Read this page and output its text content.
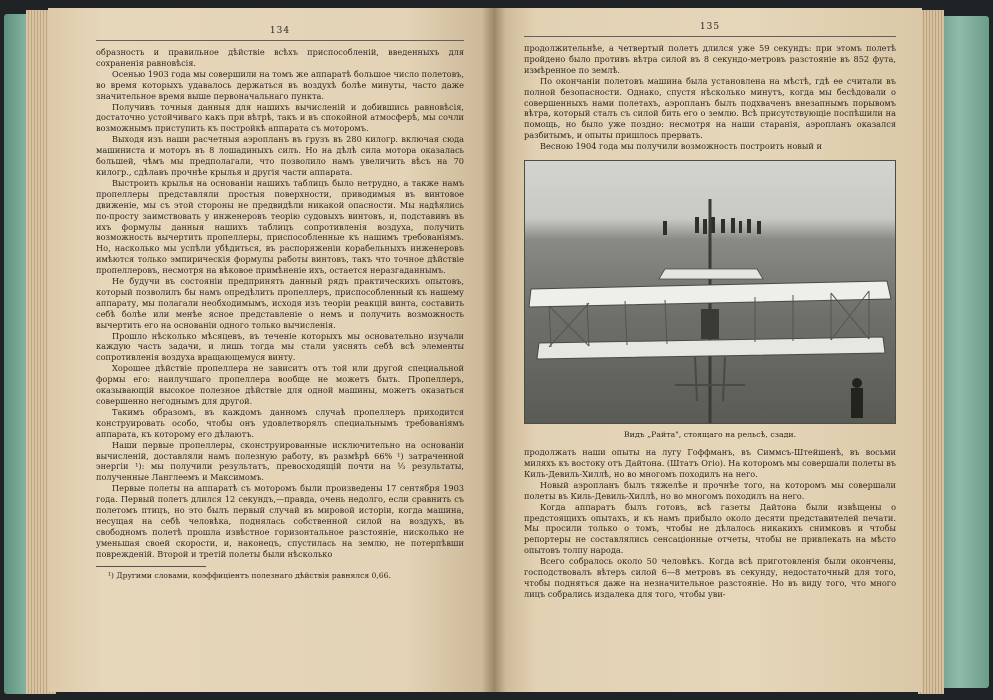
134

образность и правильное дѣйствіе всѣхъ приспособленій, введенныхъ для сохраненія равновѣсія.

Осенью 1903 года мы совершили на томъ же аппаратѣ большое число полетовъ, во время которыхъ удавалось держаться въ воздухѣ болѣе минуты, часто даже значительное время выше первоначальнаго пункта.

Получивъ точныя данныя для нашихъ вычисленій и добившись равновѣсія, достаточно устойчиваго какъ при вѣтрѣ, такъ и въ спокойной атмосферѣ, мы сочли возможнымъ приступить къ постройкѣ аппарата съ моторомъ.

Выходя изъ наши расчетныя аэропланъ въ грузъ въ 280 килогр. включая сюда машиниста и моторъ въ 8 лошадиныхъ силъ. Но на дѣлѣ сила мотора оказалась большей, чѣмъ мы предполагали, что позволило намъ увеличить вѣсъ на 70 килогр., сдѣлавъ прочнѣе крылья и другія части аппарата.

Выстроить крылья на основаніи нашихъ таблицъ было нетрудно, а также намъ пропеллеры представляли простыя поверхности, приводимыя въ винтовое движеніе, мы съ этой стороны не предвидѣли никакой опасности. Мы надѣялись по-просту заимствовать у инженеровъ теорію судовыхъ винтовъ, и, подставивъ въ ихъ формулы данныя нашихъ таблицъ сопротивленія воздуха, получить возможность вычертить пропеллеры, приспособленные къ нашимъ требованіямъ. Но, насколько мы успѣли убѣдиться, въ распоряженіи корабельныхъ инженеровъ имѣются только эмпирическія формулы работы винтовъ, такъ что точное дѣйствіе пропеллеровъ, несмотря на вѣковое примѣненіе ихъ, остается неразгаданнымъ.

Не будучи въ состояніи предпринять данный рядъ практическихъ опытовъ, который позволилъ бы намъ опредѣлить пропеллеръ, приспособленный къ нашему аппарату, мы полагали необходимымъ, исходя изъ теоріи реакцій винта, составить себѣ болѣе или менѣе ясное представленіе о немъ и получить возможность вычертить его на основаніи одного только вычисленія.

Прошло нѣсколько мѣсяцевъ, въ теченіе которыхъ мы основательно изучали каждую часть задачи, и лишь тогда мы стали уяснять себѣ всѣ элементы сопротивленія воздуха вращающемуся винту.

Хорошее дѣйствіе пропеллера не зависитъ отъ той или другой специальной формы его: наилучшаго пропеллера вообще не можетъ быть. Пропеллеръ, оказывающій высокое полезное дѣйствіе для одной машины, можетъ оказаться совершенно негоднымъ для другой.

Такимъ образомъ, въ каждомъ данномъ случаѣ пропеллеръ приходится конструировать особо, чтобы онъ удовлетворялъ специальнымъ требованіямъ аппарата, къ которому его дѣлаютъ.

Наши первые пропеллеры, сконструированные исключительно на основаніи вычисленій, доставляли намъ полезную работу, въ размѣрѣ 66% ¹) затраченной энергіи ¹): мы получили результатъ, превосходящій почти на ⅓ результаты, полученные Ланглеемъ и Максимомъ.

Первые полеты на аппаратѣ съ моторомъ были произведены 17 сентября 1903 года. Первый полетъ длился 12 секундъ,—правда, очень недолго, если сравнить съ полетомъ птицъ, но это былъ первый случай въ мировой исторіи, когда машина, несущая на себѣ человѣка, поднялась собственной силой на воздухъ, въ свободномъ полетѣ прошла извѣстное горизонтальное разстояніе, нисколько не уменьшая своей скорости, и, наконецъ, спустилась на землю, не потерпѣвши поврежденій. Второй и третій полеты были нѣсколько

¹) Другими словами, коэффиціентъ полезнаго дѣйствія равнялся 0,66.

135

продолжительнѣе, а четвертый полетъ длился уже 59 секундъ: при этомъ полетѣ пройдено было противъ вѣтра силой въ 8 секундо-метровъ разстояніе въ 852 фута, измѣренное по землѣ.

По окончаніи полетовъ машина была установлена на мѣстѣ, гдѣ ее считали въ полной безопасности. Однако, спустя нѣсколько минутъ, когда мы бесѣдовали о совершенныхъ нами полетахъ, аэропланъ былъ подхваченъ внезапнымъ порывомъ вѣтра, который сталъ съ силой бить его о землю. Всѣ присутствующіе поспѣшили на помощь, но было уже поздно: несмотря на наши старанія, аэропланъ оказался разбитымъ, и опыты пришлось прервать.

Весною 1904 года мы получили возможность построить новый и

Видъ „Райта", стоящаго на рельсѣ, сзади.

продолжать наши опыты на лугу Гоффманъ, въ Симмсъ-Штейшенѣ, въ восьми миляхъ къ востоку отъ Дайтона. (Штатъ Огіо). На которомъ мы совершали полеты въ Киль-Девиль-Хиллѣ, но во многомъ походилъ на него.

Новый аэропланъ былъ тяжелѣе и прочнѣе того, на которомъ мы совершали полеты въ Киль-Девиль-Хиллѣ, но во многомъ походилъ на него.

Когда аппаратъ былъ готовъ, всѣ газеты Дайтона были извѣщены о предстоящихъ опытахъ, и къ намъ прибыло около десяти представителей печати. Мы просили только о томъ, чтобы не дѣлалось никакихъ снимковъ и чтобы репортеры не составлялись сенсаціонные отчеты, чтобы не привлекать на мѣсто опытовъ толпу народа.

Всего собралось около 50 человѣкъ. Когда всѣ приготовленія были окончены, господствовалъ вѣтеръ силой 6—8 метровъ въ секунду, недостаточный для того, чтобы подняться даже на незначительное разстояніе. Но въ виду того, что много лицъ собрались издалека для того, чтобы уви-
